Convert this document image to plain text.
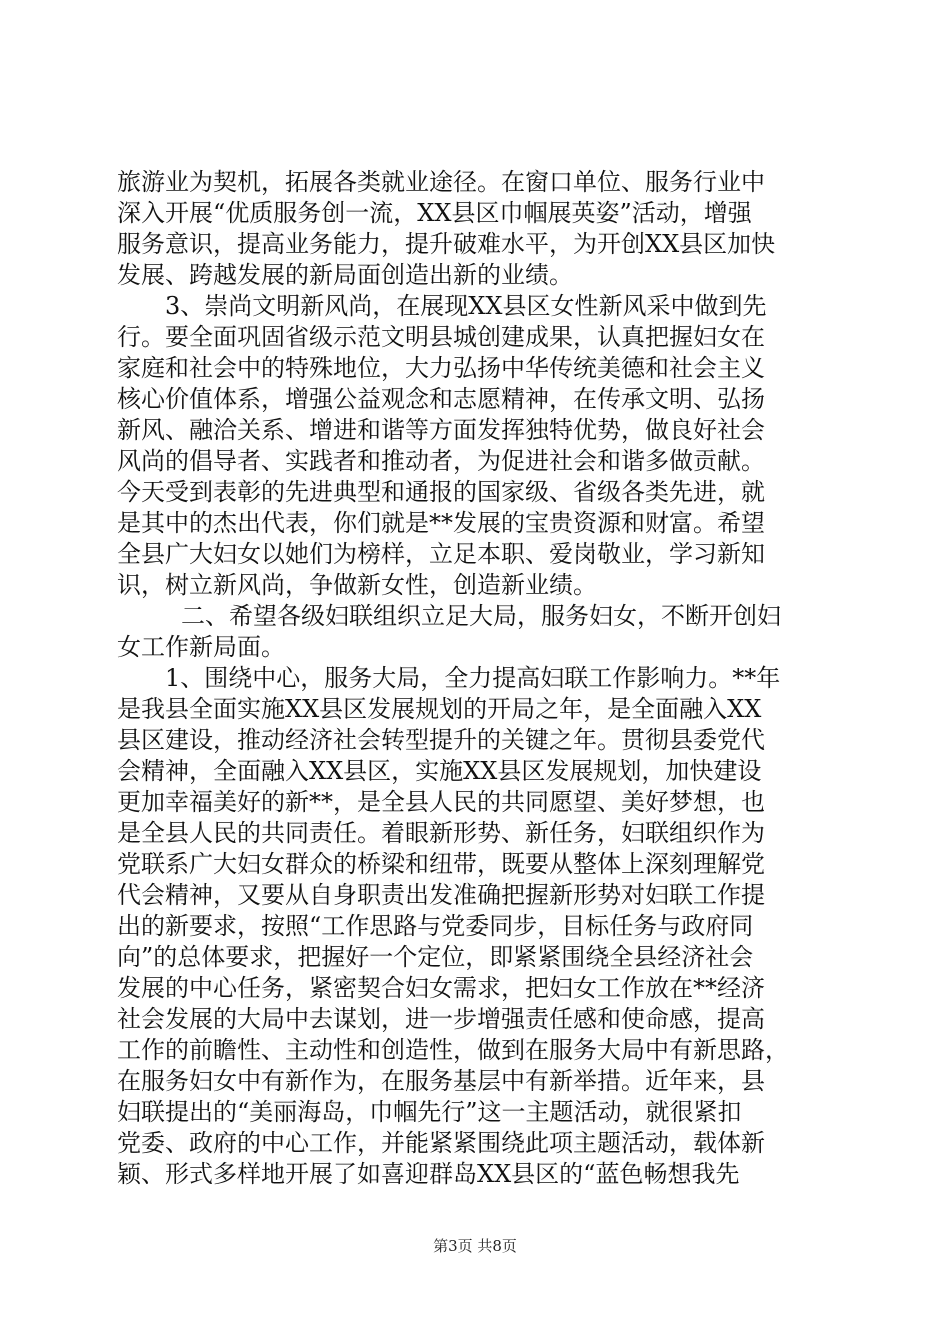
旅游业为契机，拓展各类就业途径。在窗口单位、服务行业中
深入开展“优质服务创一流，XX县区巾帼展英姿”活动，增强
服务意识，提高业务能力，提升破难水平，为开创XX县区加快
发展、跨越发展的新局面创造出新的业绩。
3、崇尚文明新风尚，在展现XX县区女性新风采中做到先
行。要全面巩固省级示范文明县城创建成果，认真把握妇女在
家庭和社会中的特殊地位，大力弘扬中华传统美德和社会主义
核心价值体系，增强公益观念和志愿精神，在传承文明、弘扬
新风、融洽关系、增进和谐等方面发挥独特优势，做良好社会
风尚的倡导者、实践者和推动者，为促进社会和谐多做贡献。
今天受到表彰的先进典型和通报的国家级、省级各类先进，就
是其中的杰出代表，你们就是**发展的宝贵资源和财富。希望
全县广大妇女以她们为榜样，立足本职、爱岗敬业，学习新知
识，树立新风尚，争做新女性，创造新业绩。
二、希望各级妇联组织立足大局，服务妇女，不断开创妇
女工作新局面。
1、围绕中心，服务大局，全力提高妇联工作影响力。**年
是我县全面实施XX县区发展规划的开局之年，是全面融入XX
县区建设，推动经济社会转型提升的关键之年。贯彻县委党代
会精神，全面融入XX县区，实施XX县区发展规划，加快建设
更加幸福美好的新**，是全县人民的共同愿望、美好梦想，也
是全县人民的共同责任。着眼新形势、新任务，妇联组织作为
党联系广大妇女群众的桥梁和纽带，既要从整体上深刻理解党
代会精神，又要从自身职责出发准确把握新形势对妇联工作提
出的新要求，按照“工作思路与党委同步，目标任务与政府同
向”的总体要求，把握好一个定位，即紧紧围绕全县经济社会
发展的中心任务，紧密契合妇女需求，把妇女工作放在**经济
社会发展的大局中去谋划，进一步增强责任感和使命感，提高
工作的前瞻性、主动性和创造性，做到在服务大局中有新思路，
在服务妇女中有新作为，在服务基层中有新举措。近年来，县
妇联提出的“美丽海岛，巾帼先行”这一主题活动，就很紧扣
党委、政府的中心工作，并能紧紧围绕此项主题活动，载体新
颖、形式多样地开展了如喜迎群岛XX县区的“蓝色畅想我先
第3页 共8页
